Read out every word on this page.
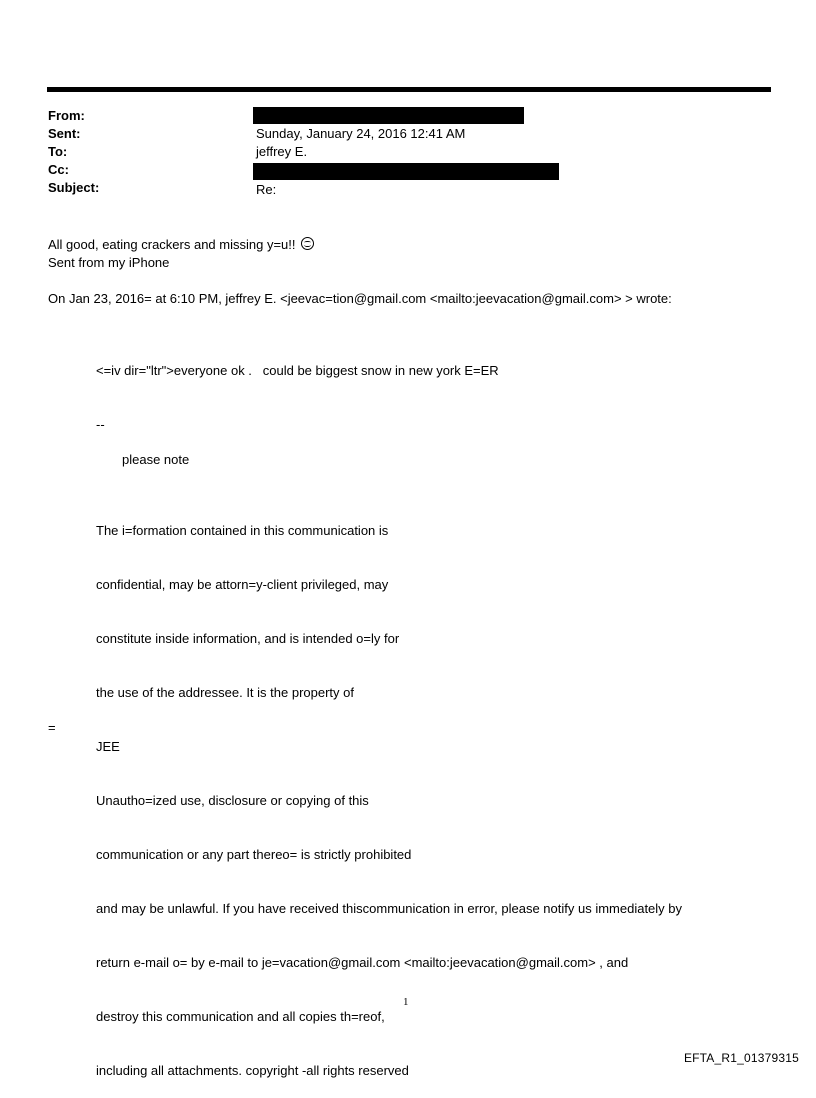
From:
Sent:
To:
Cc:
Subject:
Sunday, January 24, 2016 12:41 AM
jeffrey E.
Re:
All good, eating crackers and missing y=u!!
Sent from my iPhone
On Jan 23, 2016= at 6:10 PM, jeffrey E. <jeevac=tion@gmail.com <mailto:jeevacation@gmail.com> > wrote:
<=iv dir="ltr">everyone ok .   could be biggest snow in new york E=ER
--
please note

The i=formation contained in this communication is

confidential, may be attorn=y-client privileged, may

constitute inside information, and is intended o=ly for

the use of the addressee. It is the property of

JEE

Unautho=ized use, disclosure or copying of this

communication or any part thereo= is strictly prohibited

and may be unlawful. If you have received thiscommunication in error, please notify us immediately by

return e-mail o= by e-mail to je=vacation@gmail.com <mailto:jeevacation@gmail.com> , and

destroy this communication and all copies th=reof,

including all attachments. copyright -all rights reserved

=
1
EFTA_R1_01379315
